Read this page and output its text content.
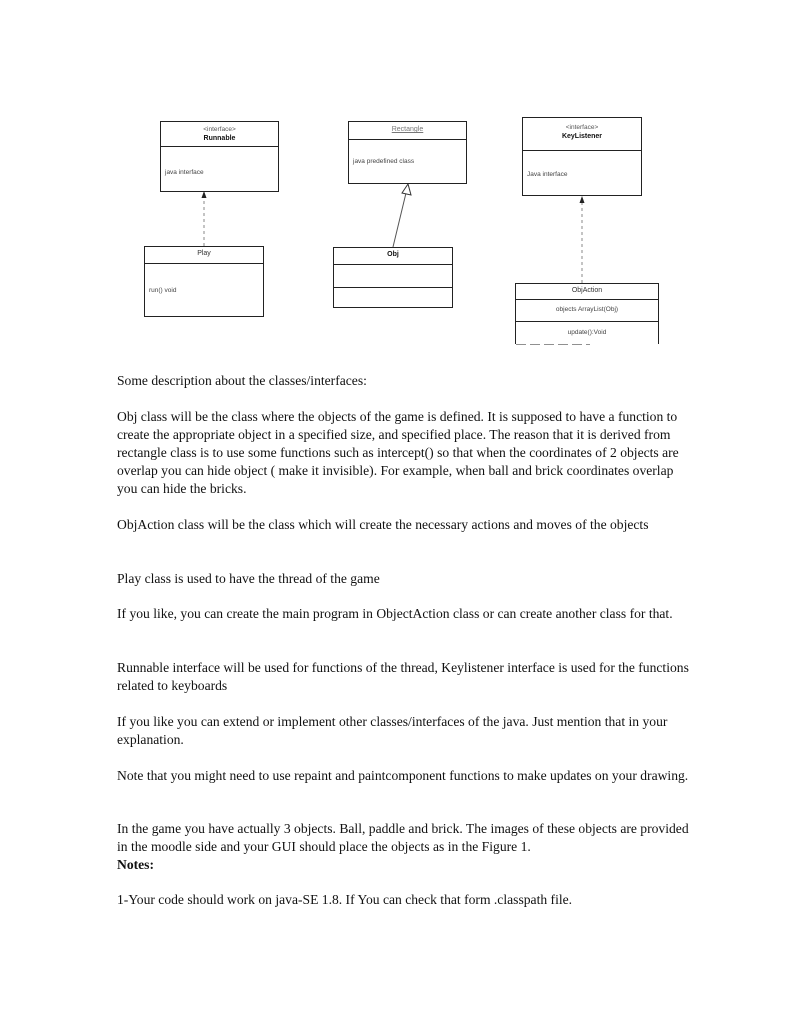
<interface>
Runnable
java interface
Rectangle
java predefined class
<interface>
KeyListener
Java interface
Play
run() void
Obj
ObjAction
objects ArrayList(Obj)
update():Void
Some description about the classes/interfaces:

Obj class will be the class where the objects of the game is defined. It is supposed to have a function to create the appropriate object in a specified size, and specified place. The reason that it is derived from rectangle class is to use some functions such as intercept() so that when the coordinates of 2 objects are overlap you can hide object ( make it invisible). For example, when ball and brick coordinates overlap you can hide the bricks.

ObjAction class will be the class which will create the necessary actions and moves of the objects

Play class is used to have the thread of the game

If you like, you can create the main program in ObjectAction class or can create another class for that.

Runnable interface will be used for functions of the thread, Keylistener interface is used for the functions related to keyboards

If you like you can extend or implement other classes/interfaces of the java. Just mention that in your explanation.

Note that you might need to use repaint and paintcomponent functions to make updates on your drawing.

In the game you have actually 3 objects. Ball, paddle and brick. The images of these objects are provided in the moodle side and your GUI should place the objects as in the Figure 1.

Notes:
1-Your code should work on java-SE 1.8. If You can check that form .classpath file.
